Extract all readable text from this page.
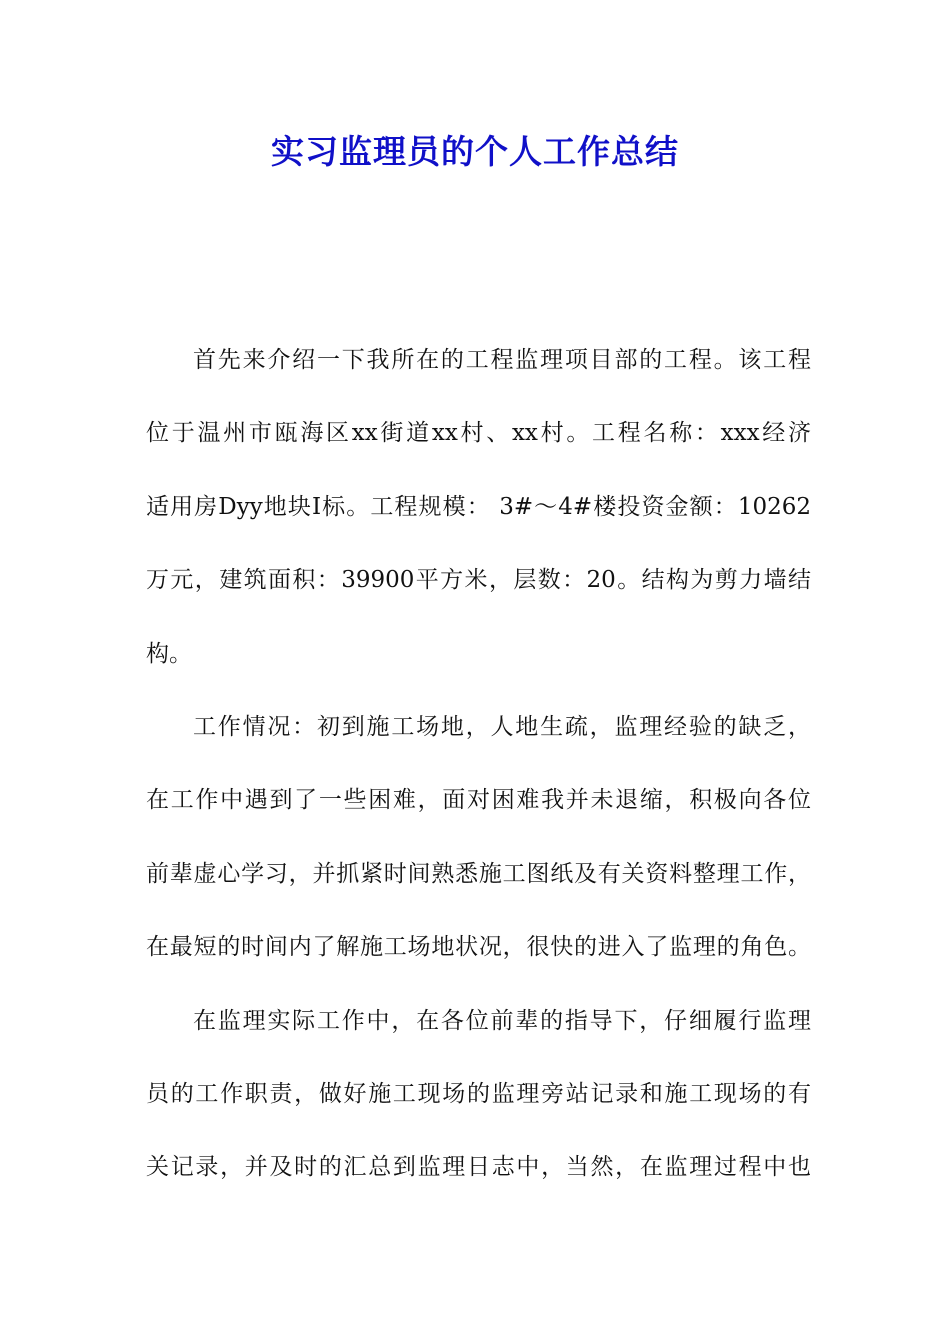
实习监理员的个人工作总结
首先来介绍一下我所在的工程监理项目部的工程。该工程
位于温州市瓯海区xx街道xx村、xx村。工程名称：xxx经济
适用房Dyy地块Ⅰ标。工程规模： 3#～4#楼投资金额：10262
万元，建筑面积：39900平方米，层数：20。结构为剪力墙结
构。
工作情况：初到施工场地，人地生疏，监理经验的缺乏，
在工作中遇到了一些困难，面对困难我并未退缩，积极向各位
前辈虚心学习，并抓紧时间熟悉施工图纸及有关资料整理工作，
在最短的时间内了解施工场地状况，很快的进入了监理的角色。
在监理实际工作中，在各位前辈的指导下，仔细履行监理
员的工作职责，做好施工现场的监理旁站记录和施工现场的有
关记录，并及时的汇总到监理日志中，当然，在监理过程中也
